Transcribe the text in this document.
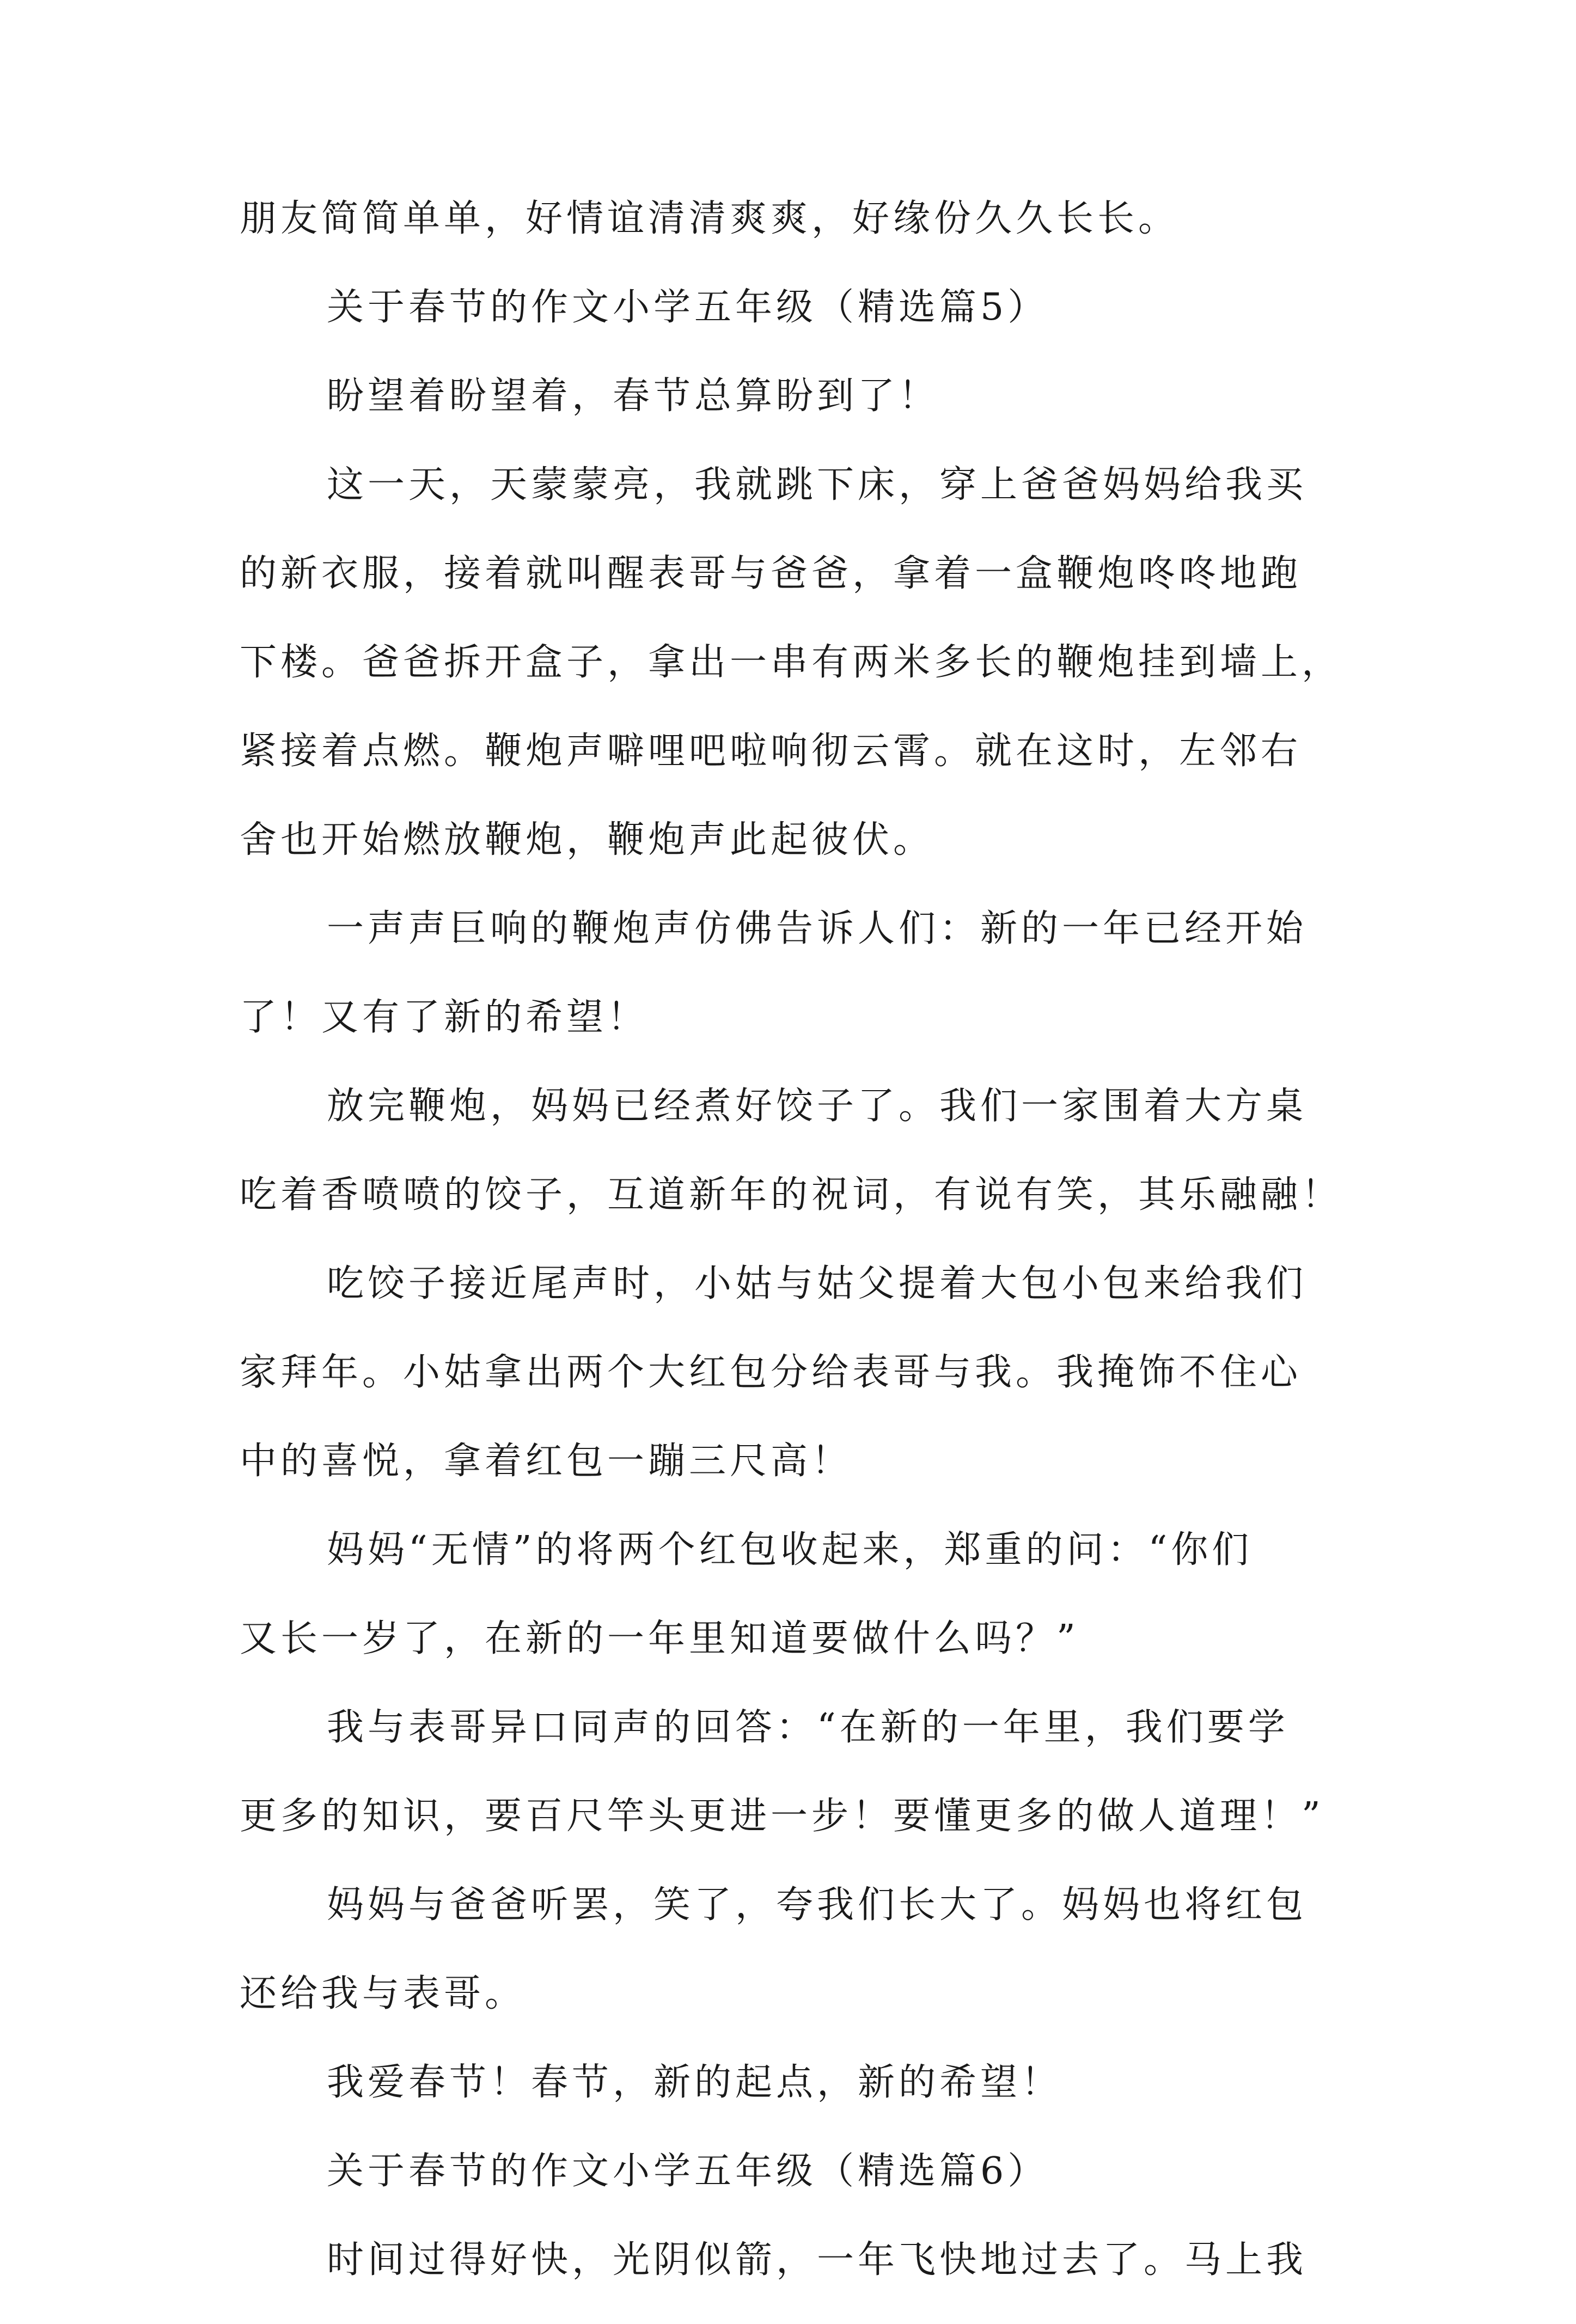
朋友简简单单，好情谊清清爽爽，好缘份久久长长。
关于春节的作文小学五年级（精选篇5）
盼望着盼望着，春节总算盼到了！
这一天，天蒙蒙亮，我就跳下床，穿上爸爸妈妈给我买
的新衣服，接着就叫醒表哥与爸爸，拿着一盒鞭炮咚咚地跑
下楼。爸爸拆开盒子，拿出一串有两米多长的鞭炮挂到墙上，
紧接着点燃。鞭炮声噼哩吧啦响彻云霄。就在这时，左邻右
舍也开始燃放鞭炮，鞭炮声此起彼伏。
一声声巨响的鞭炮声仿佛告诉人们：新的一年已经开始
了！又有了新的希望！
放完鞭炮，妈妈已经煮好饺子了。我们一家围着大方桌
吃着香喷喷的饺子，互道新年的祝词，有说有笑，其乐融融！
吃饺子接近尾声时，小姑与姑父提着大包小包来给我们
家拜年。小姑拿出两个大红包分给表哥与我。我掩饰不住心
中的喜悦，拿着红包一蹦三尺高！
妈妈“无情”的将两个红包收起来，郑重的问：“你们
又长一岁了，在新的一年里知道要做什么吗？”
我与表哥异口同声的回答：“在新的一年里，我们要学
更多的知识，要百尺竿头更进一步！要懂更多的做人道理！”
妈妈与爸爸听罢，笑了，夸我们长大了。妈妈也将红包
还给我与表哥。
我爱春节！春节，新的起点，新的希望！
关于春节的作文小学五年级（精选篇6）
时间过得好快，光阴似箭，一年飞快地过去了。马上我
